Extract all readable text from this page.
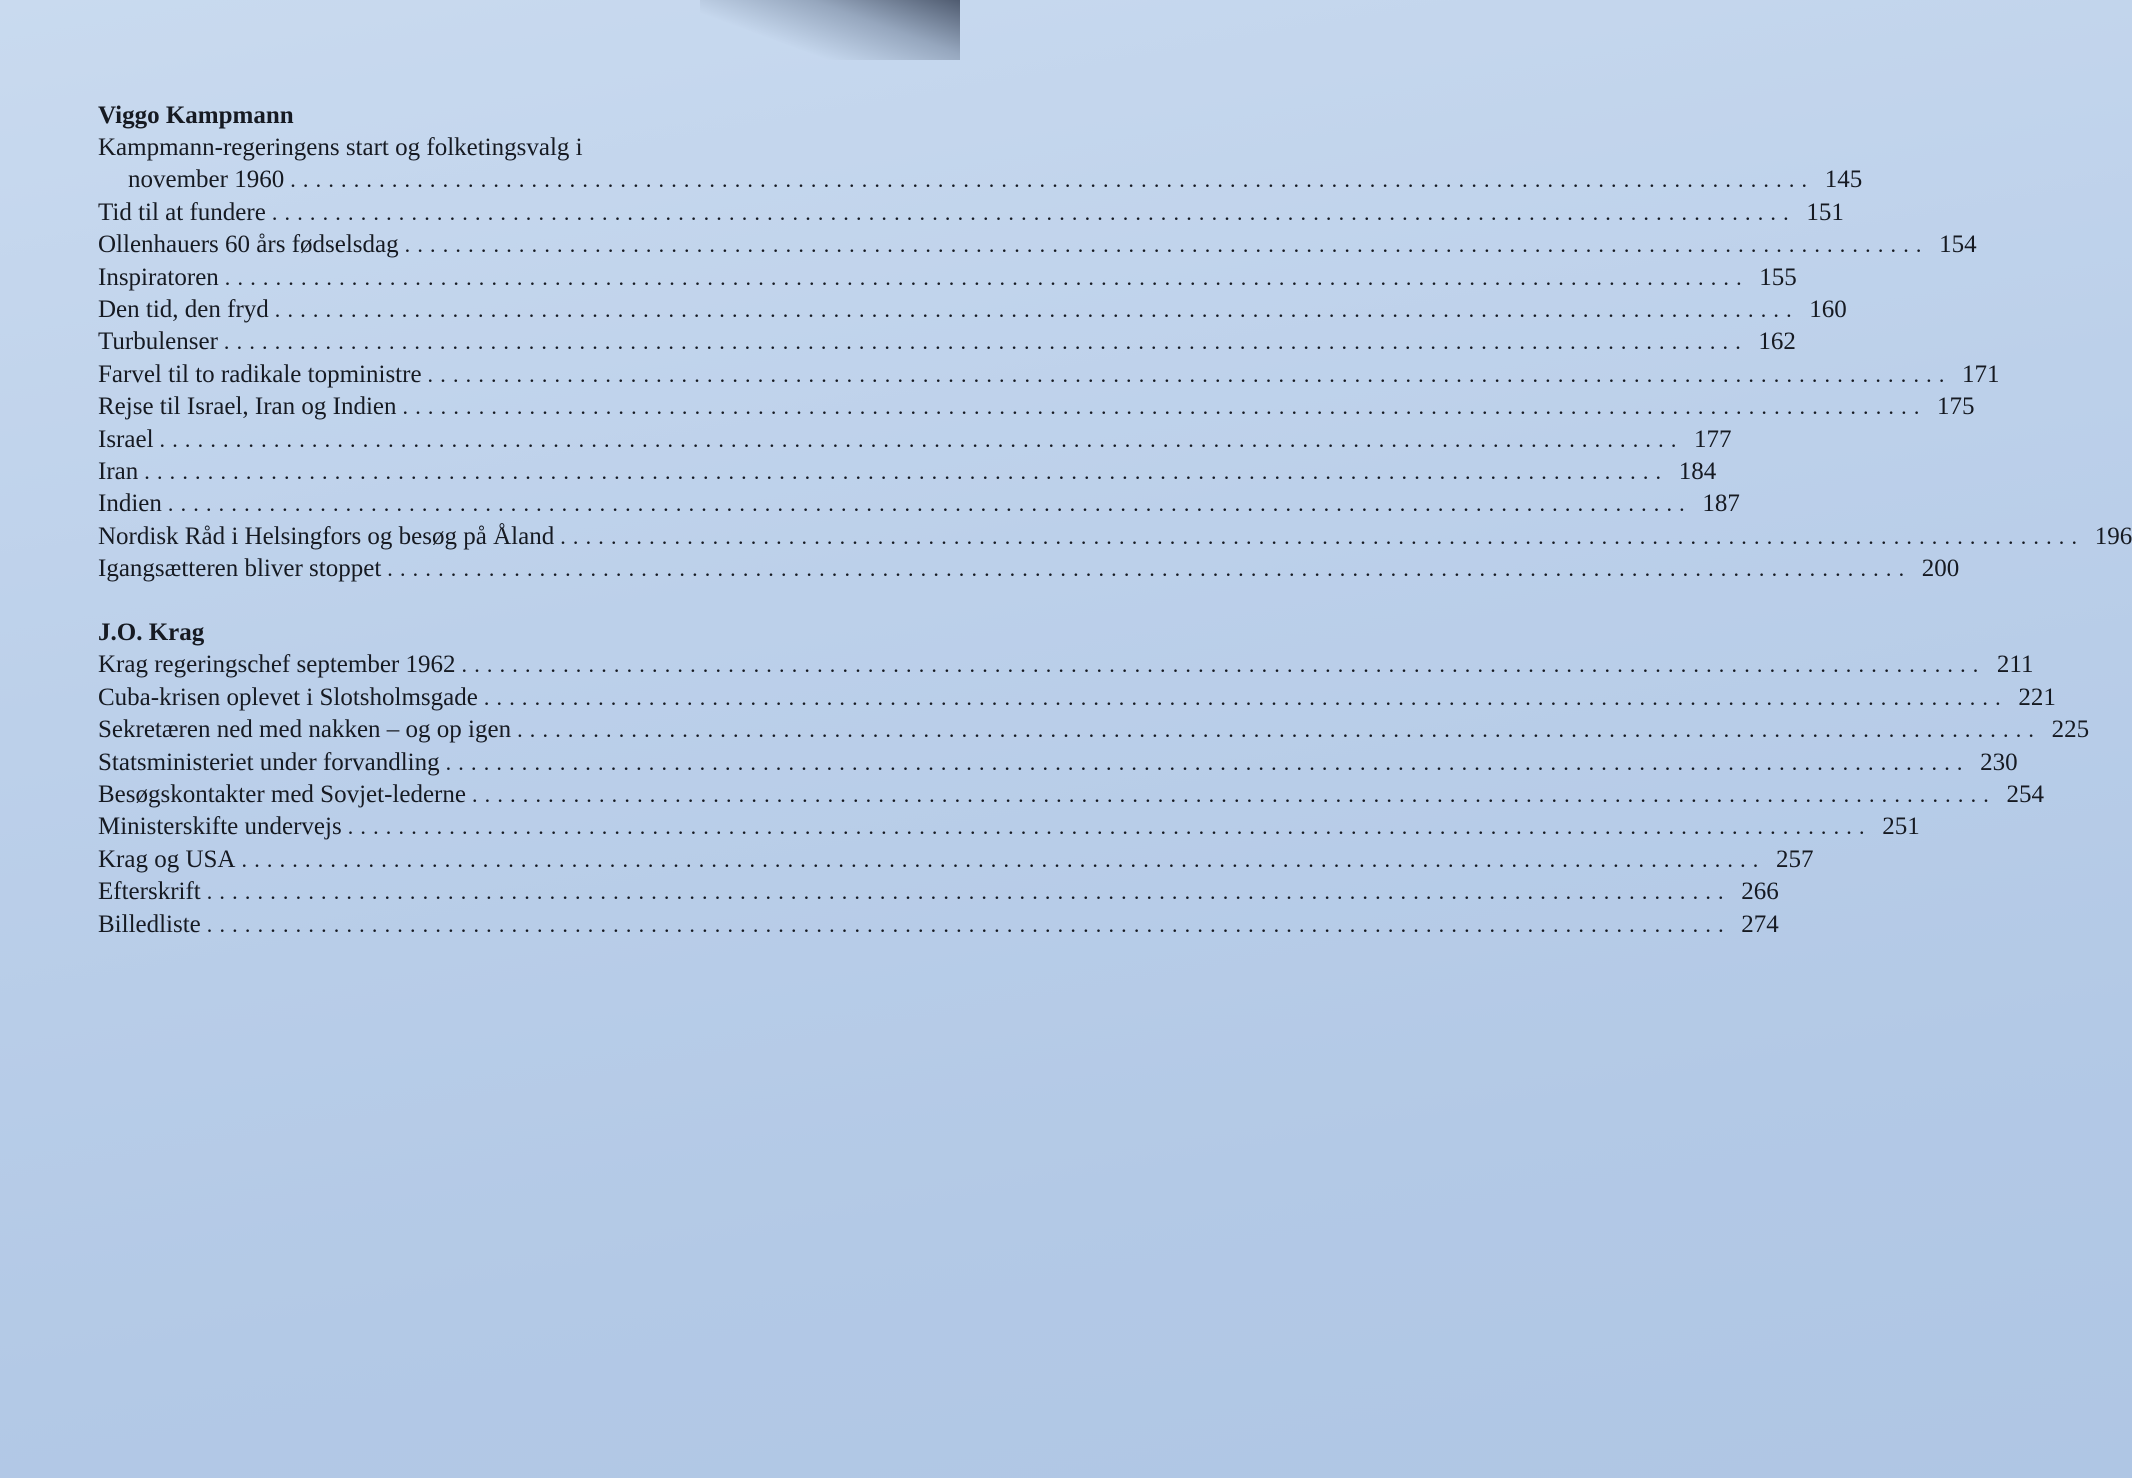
Viggo Kampmann
Kampmann-regeringens start og folketingsvalg i
november 1960 ........................................................................................................................ 145
Tid til at fundere ........................................................................................................................ 151
Ollenhauers 60 års fødselsdag ........................................................................................................................ 154
Inspiratoren ........................................................................................................................ 155
Den tid, den fryd ........................................................................................................................ 160
Turbulenser ........................................................................................................................ 162
Farvel til to radikale topministre ........................................................................................................................ 171
Rejse til Israel, Iran og Indien ........................................................................................................................ 175
Israel ........................................................................................................................ 177
Iran ........................................................................................................................ 184
Indien ........................................................................................................................ 187
Nordisk Råd i Helsingfors og besøg på Åland ........................................................................................................................ 196
Igangsætteren bliver stoppet ........................................................................................................................ 200
J.O. Krag
Krag regeringschef september 1962 ........................................................................................................................ 211
Cuba-krisen oplevet i Slotsholmsgade ........................................................................................................................ 221
Sekretæren ned med nakken – og op igen ........................................................................................................................ 225
Statsministeriet under forvandling ........................................................................................................................ 230
Besøgskontakter med Sovjet-lederne ........................................................................................................................ 254
Ministerskifte undervejs ........................................................................................................................ 251
Krag og USA ........................................................................................................................ 257
Efterskrift ........................................................................................................................ 266
Billedliste ........................................................................................................................ 274
